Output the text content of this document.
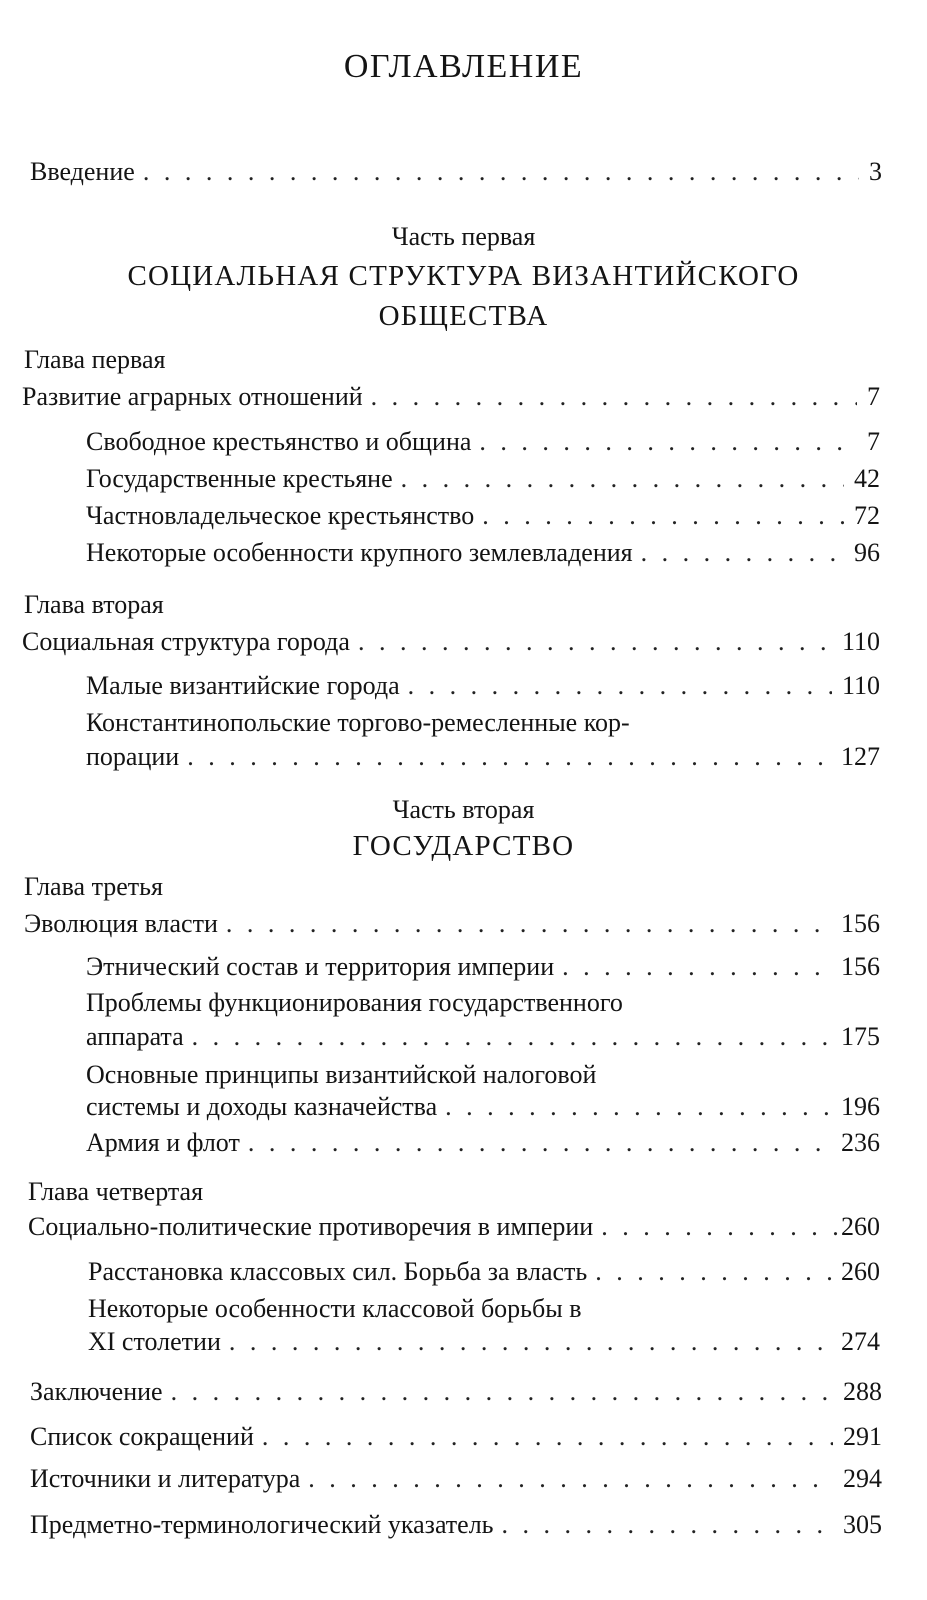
ОГЛАВЛЕНИЕ
Введение . . .	3
Часть первая
СОЦИАЛЬНАЯ СТРУКТУРА ВИЗАНТИЙСКОГО
ОБЩЕСТВА
Глава первая
Развитие аграрных отношений . . .	7
Свободное крестьянство и община . . .	7
Государственные крестьяне . . .	42
Частновладельческое крестьянство . . .	72
Некоторые особенности крупного землевладения . . .	96
Глава вторая
Социальная структура города . . .	110
Малые византийские города . . .	110
Константинопольские торгово-ремесленные кор-
порации . . .	127
Часть вторая
ГОСУДАРСТВО
Глава третья
Эволюция власти . . .	156
Этнический состав и территория империи . . .	156
Проблемы функционирования государственного
аппарата . . .	175
Основные принципы византийской налоговой
системы и доходы казначейства . . .	196
Армия и флот . . .	236
Глава четвертая
Социально-политические противоречия в империи . . .	260
Расстановка классовых сил. Борьба за власть . . .	260
Некоторые особенности классовой борьбы в
XI столетии . . .	274
Заключение . . .	288
Список сокращений . . .	291
Источники и литература . . .	294
Предметно-терминологический указатель . . .	305
